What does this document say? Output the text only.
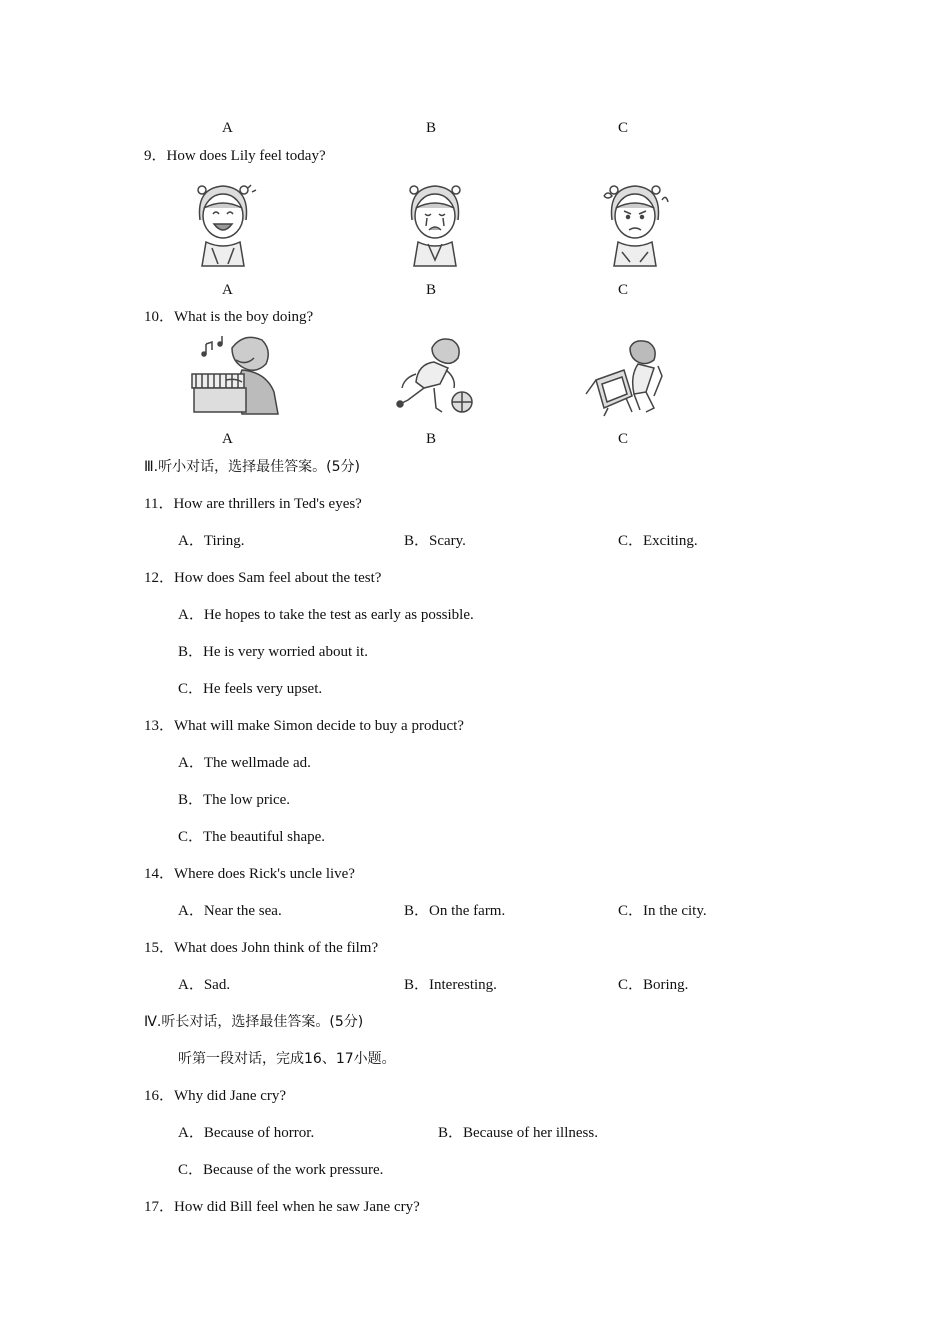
A	B	C
9．How does Lily feel today?
A	B	C
10．What is the boy doing?
A	B	C
Ⅲ.听小对话，选择最佳答案。(5分)
11．How are thrillers in Ted's eyes?
A．Tiring.	B．Scary.	C．Exciting.
12．How does Sam feel about the test?
A．He hopes to take the test as early as possible.
B．He is very worried about it.
C．He feels very upset.
13．What will make Simon decide to buy a product?
A．The wellmade ad.
B．The low price.
C．The beautiful shape.
14．Where does Rick's uncle live?
A．Near the sea.	B．On the farm.	C．In the city.
15．What does John think of the film?
A．Sad.	B．Interesting.	C．Boring.
Ⅳ.听长对话，选择最佳答案。(5分)
听第一段对话，完成16、17小题。
16．Why did Jane cry?
A．Because of horror.	B．Because of her illness.
C．Because of the work pressure.
17．How did Bill feel when he saw Jane cry?
